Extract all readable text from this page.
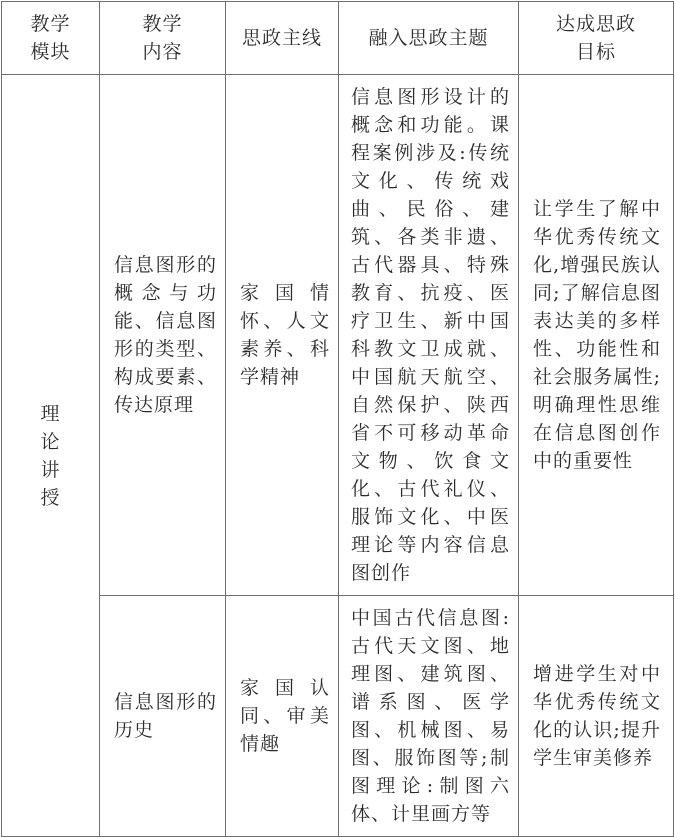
教学模块	教学内容	思政主线	融入思政主题	达成思政目标
理论讲授	信息图形的概念与功能、信息图形的类型、构成要素、传达原理	家国情怀、人文素养、科学精神	信息图形设计的概念和功能。课程案例涉及:传统文化、传统戏曲、民俗、建筑、各类非遗、古代器具、特殊教育、抗疫、医疗卫生、新中国科教文卫成就、中国航天航空、自然保护、陕西省不可移动革命文物、饮食文化、古代礼仪、服饰文化、中医理论等内容信息图创作	让学生了解中华优秀传统文化,增强民族认同;了解信息图表达美的多样性、功能性和社会服务属性;明确理性思维在信息图创作中的重要性
	信息图形的历史	家国认同、审美情趣	中国古代信息图:古代天文图、地理图、建筑图、谱系图、医学图、机械图、易图、服饰图等;制图理论:制图六体、计里画方等	增进学生对中华优秀传统文化的认识;提升学生审美修养
